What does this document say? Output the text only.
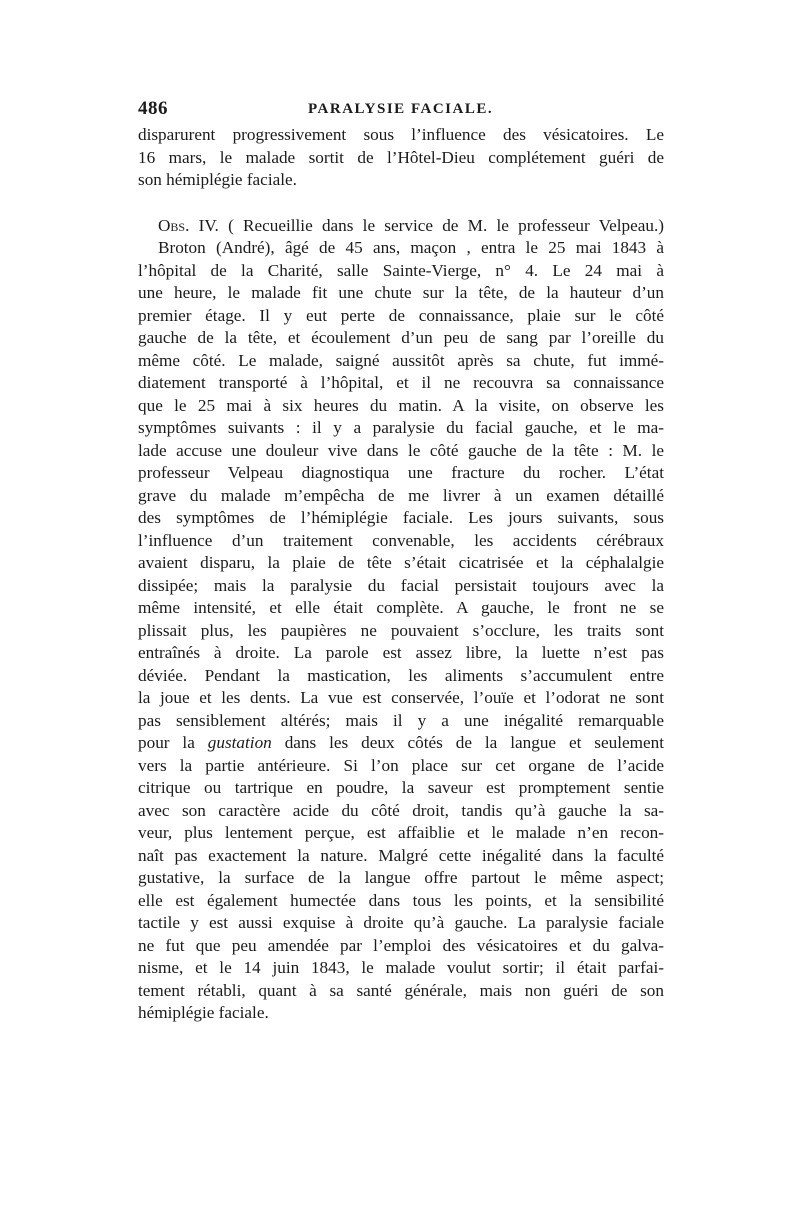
486	PARALYSIE FACIALE.
disparurent progressivement sous l’influence des vésicatoires. Le
16 mars, le malade sortit de l’Hôtel-Dieu complétement guéri de
son hémiplégie faciale.
Obs. IV. ( Recueillie dans le service de M. le professeur Velpeau.)
Broton (André), âgé de 45 ans, maçon , entra le 25 mai 1843 à
l’hôpital de la Charité, salle Sainte-Vierge, n° 4. Le 24 mai à
une heure, le malade fit une chute sur la tête, de la hauteur d’un
premier étage. Il y eut perte de connaissance, plaie sur le côté
gauche de la tête, et écoulement d’un peu de sang par l’oreille du
même côté. Le malade, saigné aussitôt après sa chute, fut immé-
diatement transporté à l’hôpital, et il ne recouvra sa connaissance
que le 25 mai à six heures du matin. A la visite, on observe les
symptômes suivants : il y a paralysie du facial gauche, et le ma-
lade accuse une douleur vive dans le côté gauche de la tête : M. le
professeur Velpeau diagnostiqua une fracture du rocher. L’état
grave du malade m’empêcha de me livrer à un examen détaillé
des symptômes de l’hémiplégie faciale. Les jours suivants, sous
l’influence d’un traitement convenable, les accidents cérébraux
avaient disparu, la plaie de tête s’était cicatrisée et la céphalalgie
dissipée; mais la paralysie du facial persistait toujours avec la
même intensité, et elle était complète. A gauche, le front ne se
plissait plus, les paupières ne pouvaient s’occlure, les traits sont
entraînés à droite. La parole est assez libre, la luette n’est pas
déviée. Pendant la mastication, les aliments s’accumulent entre
la joue et les dents. La vue est conservée, l’ouïe et l’odorat ne sont
pas sensiblement altérés; mais il y a une inégalité remarquable
pour la gustation dans les deux côtés de la langue et seulement
vers la partie antérieure. Si l’on place sur cet organe de l’acide
citrique ou tartrique en poudre, la saveur est promptement sentie
avec son caractère acide du côté droit, tandis qu’à gauche la sa-
veur, plus lentement perçue, est affaiblie et le malade n’en recon-
naît pas exactement la nature. Malgré cette inégalité dans la faculté
gustative, la surface de la langue offre partout le même aspect;
elle est également humectée dans tous les points, et la sensibilité
tactile y est aussi exquise à droite qu’à gauche. La paralysie faciale
ne fut que peu amendée par l’emploi des vésicatoires et du galva-
nisme, et le 14 juin 1843, le malade voulut sortir; il était parfai-
tement rétabli, quant à sa santé générale, mais non guéri de son
hémiplégie faciale.
